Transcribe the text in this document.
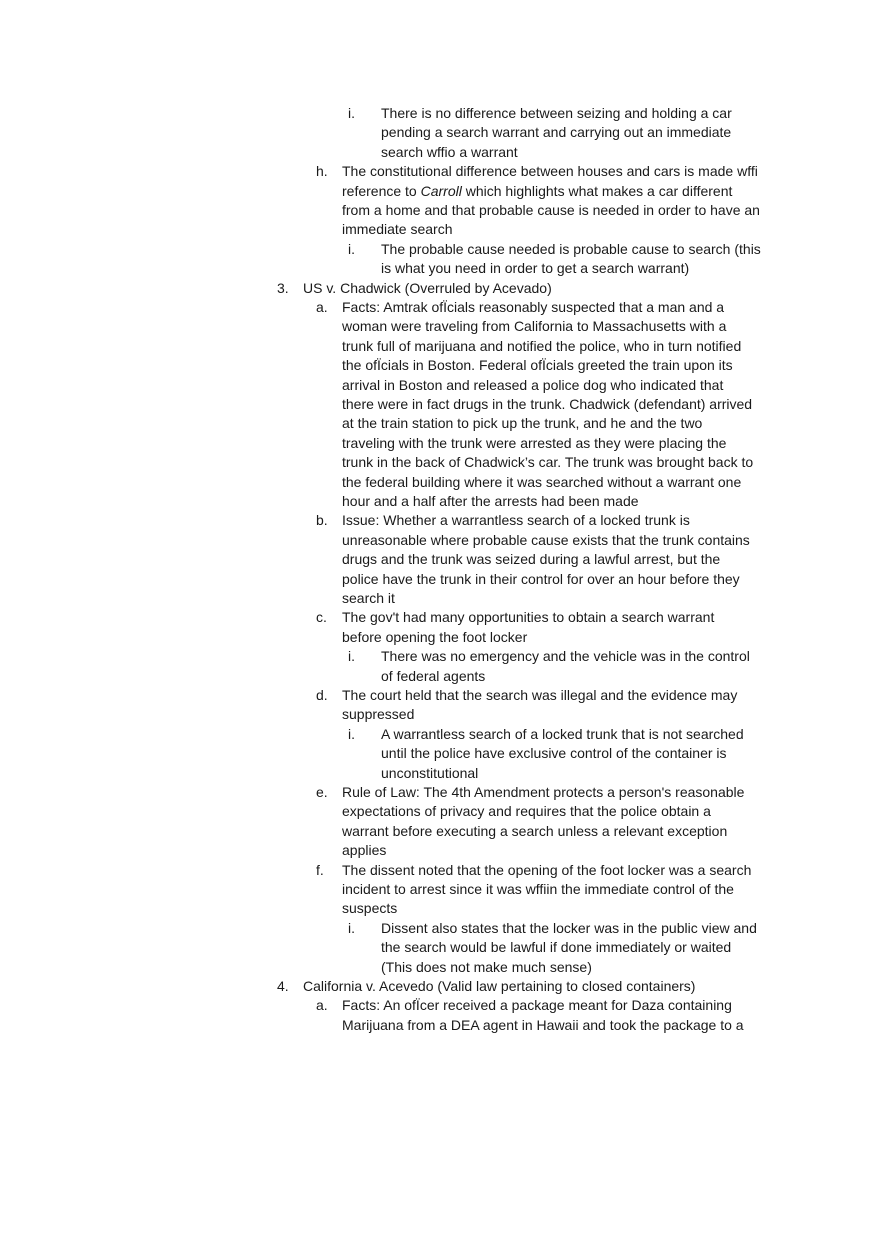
i. There is no difference between seizing and holding a car
pending a search warrant and carrying out an immediate
search wffio a warrant
h. The constitutional difference between houses and cars is made wffi
reference to Carroll which highlights what makes a car different
from a home and that probable cause is needed in order to have an
immediate search
i. The probable cause needed is probable cause to search (this
is what you need in order to get a search warrant)
3. US v. Chadwick (Overruled by Acevado)
a. Facts: Amtrak ofÏcials reasonably suspected that a man and a
woman were traveling from California to Massachusetts with a
trunk full of marijuana and notified the police, who in turn notified
the ofÏcials in Boston. Federal ofÏcials greeted the train upon its
arrival in Boston and released a police dog who indicated that
there were in fact drugs in the trunk. Chadwick (defendant) arrived
at the train station to pick up the trunk, and he and the two
traveling with the trunk were arrested as they were placing the
trunk in the back of Chadwick’s car. The trunk was brought back to
the federal building where it was searched without a warrant one
hour and a half after the arrests had been made
b. Issue: Whether a warrantless search of a locked trunk is
unreasonable where probable cause exists that the trunk contains
drugs and the trunk was seized during a lawful arrest, but the
police have the trunk in their control for over an hour before they
search it
c. The gov't had many opportunities to obtain a search warrant
before opening the foot locker
i. There was no emergency and the vehicle was in the control
of federal agents
d. The court held that the search was illegal and the evidence may
suppressed
i. A warrantless search of a locked trunk that is not searched
until the police have exclusive control of the container is
unconstitutional
e. Rule of Law: The 4th Amendment protects a person's reasonable
expectations of privacy and requires that the police obtain a
warrant before executing a search unless a relevant exception
applies
f. The dissent noted that the opening of the foot locker was a search
incident to arrest since it was wffiin the immediate control of the
suspects
i. Dissent also states that the locker was in the public view and
the search would be lawful if done immediately or waited
(This does not make much sense)
4. California v. Acevedo (Valid law pertaining to closed containers)
a. Facts: An ofÏcer received a package meant for Daza containing
Marijuana from a DEA agent in Hawaii and took the package to a
